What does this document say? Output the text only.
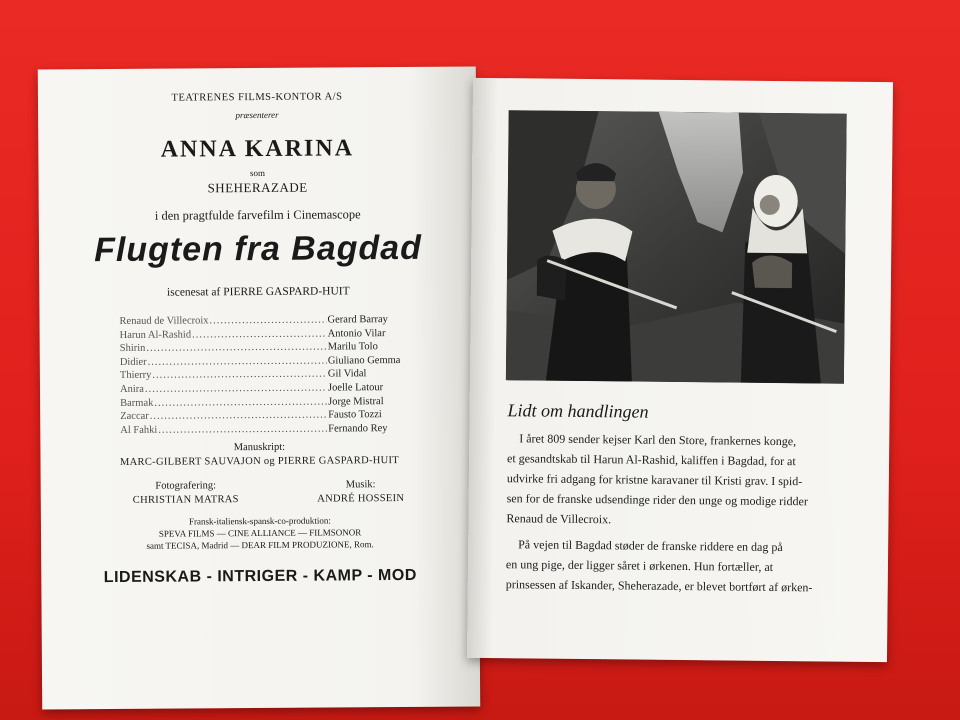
TEATRENES FILMS-KONTOR A/S
præsenterer
ANNA KARINA
som
SHEHERAZADE
i den pragtfulde farvefilm i Cinemascope
Flugten fra Bagdad
iscenesat af PIERRE GASPARD-HUIT
Renaud de Villecroix .....	Gerard Barray
Harun Al-Rashid .....	Antonio Vilar
Shirin .....	Marilu Tolo
Didier .....	Giuliano Gemma
Thierry .....	Gil Vidal
Anira .....	Joelle Latour
Barmak .....	Jorge Mistral
Zaccar .....	Fausto Tozzi
Al Fahki .....	Fernando Rey
Manuskript:
MARC-GILBERT SAUVAJON og PIERRE GASPARD-HUIT
Fotografering:
CHRISTIAN MATRAS
Musik:
ANDRÉ HOSSEIN
Fransk-italiensk-spansk-co-produktion:
SPEVA FILMS — CINE ALLIANCE — FILMSONOR
samt TECISA, Madrid — DEAR FILM PRODUZIONE, Rom.
LIDENSKAB - INTRIGER - KAMP - MOD
Lidt om handlingen
I året 809 sender kejser Karl den Store, frankernes konge,
et gesandtskab til Harun Al-Rashid, kaliffen i Bagdad, for at
udvirke fri adgang for kristne karavaner til Kristi grav. I spid-
sen for de franske udsendinge rider den unge og modige ridder
Renaud de Villecroix.
På vejen til Bagdad støder de franske riddere en dag på
en ung pige, der ligger såret i ørkenen. Hun fortæller, at
prinsessen af Iskander, Sheherazade, er blevet bortført af ørken-
